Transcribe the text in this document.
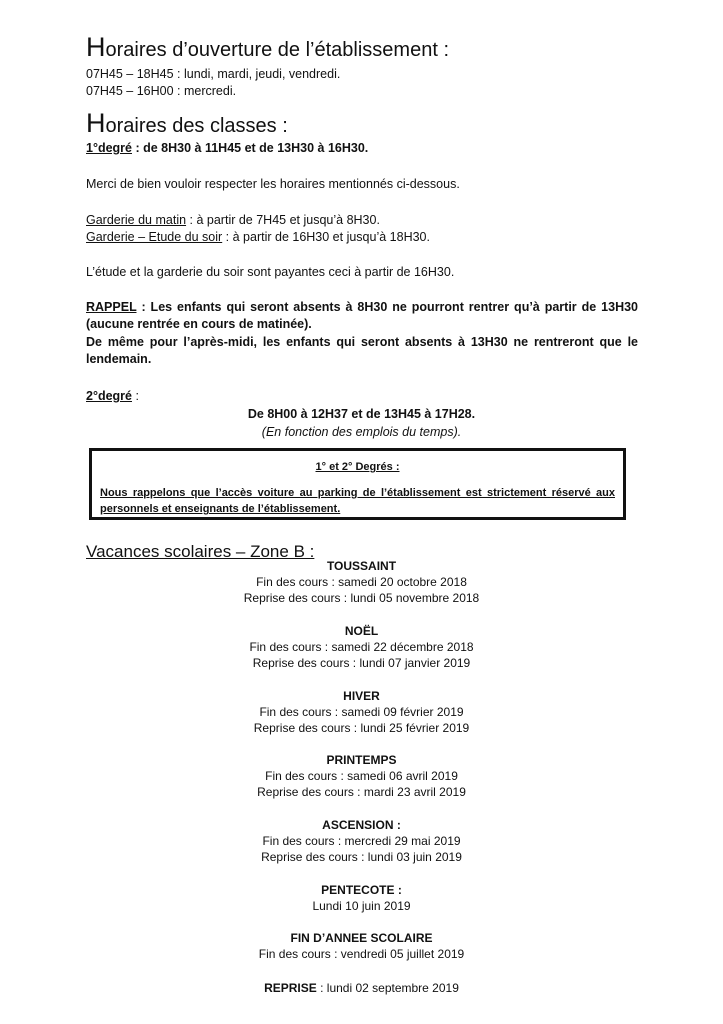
Horaires d’ouverture de l’établissement :
07H45 – 18H45 : lundi, mardi, jeudi, vendredi.
07H45 – 16H00 : mercredi.
Horaires des classes :
1°degré : de 8H30 à 11H45 et de 13H30 à 16H30.
Merci de bien vouloir respecter les horaires mentionnés ci-dessous.
Garderie du matin : à partir de 7H45 et jusqu’à 8H30.
Garderie – Etude du soir : à partir de 16H30 et jusqu’à 18H30.
L’étude et la garderie du soir sont payantes ceci à partir de 16H30.
RAPPEL : Les enfants qui seront absents à 8H30 ne pourront rentrer qu’à partir de 13H30 (aucune rentrée en cours de matinée).
De même pour l’après-midi, les enfants qui seront absents à 13H30 ne rentreront que le lendemain.
2°degré :
De 8H00 à 12H37 et de 13H45 à 17H28.
(En fonction des emplois du temps).
1° et 2° Degrés :
Nous rappelons que l’accès voiture au parking de l’établissement est strictement réservé aux personnels et enseignants de l’établissement.
Vacances scolaires – Zone B :
TOUSSAINT
Fin des cours : samedi 20 octobre 2018
Reprise des cours : lundi 05 novembre 2018
NOËL
Fin des cours : samedi 22 décembre 2018
Reprise des cours : lundi 07 janvier 2019
HIVER
Fin des cours : samedi 09 février 2019
Reprise des cours : lundi 25 février 2019
PRINTEMPS
Fin des cours : samedi 06 avril 2019
Reprise des cours : mardi 23 avril 2019
ASCENSION :
Fin des cours : mercredi 29 mai 2019
Reprise des cours : lundi 03 juin 2019
PENTECOTE :
Lundi 10 juin 2019
FIN D’ANNEE SCOLAIRE
Fin des cours : vendredi 05 juillet 2019
REPRISE : lundi 02 septembre 2019
